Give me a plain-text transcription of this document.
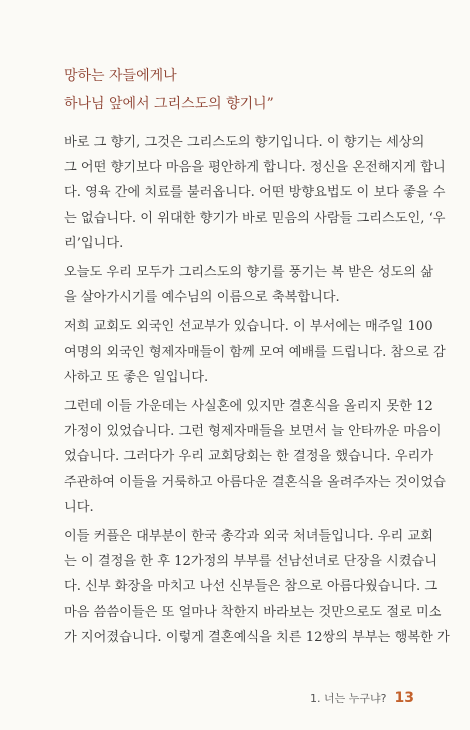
망하는 자들에게나
하나님 앞에서 그리스도의 향기니”
바로 그 향기, 그것은 그리스도의 향기입니다. 이 향기는 세상의
그 어떤 향기보다 마음을 평안하게 합니다. 정신을 온전해지게 합니
다. 영육 간에 치료를 불러옵니다. 어떤 방향요법도 이 보다 좋을 수
는 없습니다. 이 위대한 향기가 바로 믿음의 사람들 그리스도인, ‘우
리’입니다.
오늘도 우리 모두가 그리스도의 향기를 풍기는 복 받은 성도의 삶
을 살아가시기를 예수님의 이름으로 축복합니다.
저희 교회도 외국인 선교부가 있습니다. 이 부서에는 매주일 100
여명의 외국인 형제자매들이 함께 모여 예배를 드립니다. 참으로 감
사하고 또 좋은 일입니다.
그런데 이들 가운데는 사실혼에 있지만 결혼식을 올리지 못한 12
가정이 있었습니다. 그런 형제자매들을 보면서 늘 안타까운 마음이
었습니다. 그러다가 우리 교회당회는 한 결정을 했습니다. 우리가
주관하여 이들을 거룩하고 아름다운 결혼식을 올려주자는 것이었습
니다.
이들 커플은 대부분이 한국 총각과 외국 처녀들입니다. 우리 교회
는 이 결정을 한 후 12가정의 부부를 선남선녀로 단장을 시켰습니
다. 신부 화장을 마치고 나선 신부들은 참으로 아름다웠습니다. 그
마음 씀씀이들은 또 얼마나 착한지 바라보는 것만으로도 절로 미소
가 지어졌습니다. 이렇게 결혼예식을 치른 12쌍의 부부는 행복한 가
1. 너는 누구냐? 13
